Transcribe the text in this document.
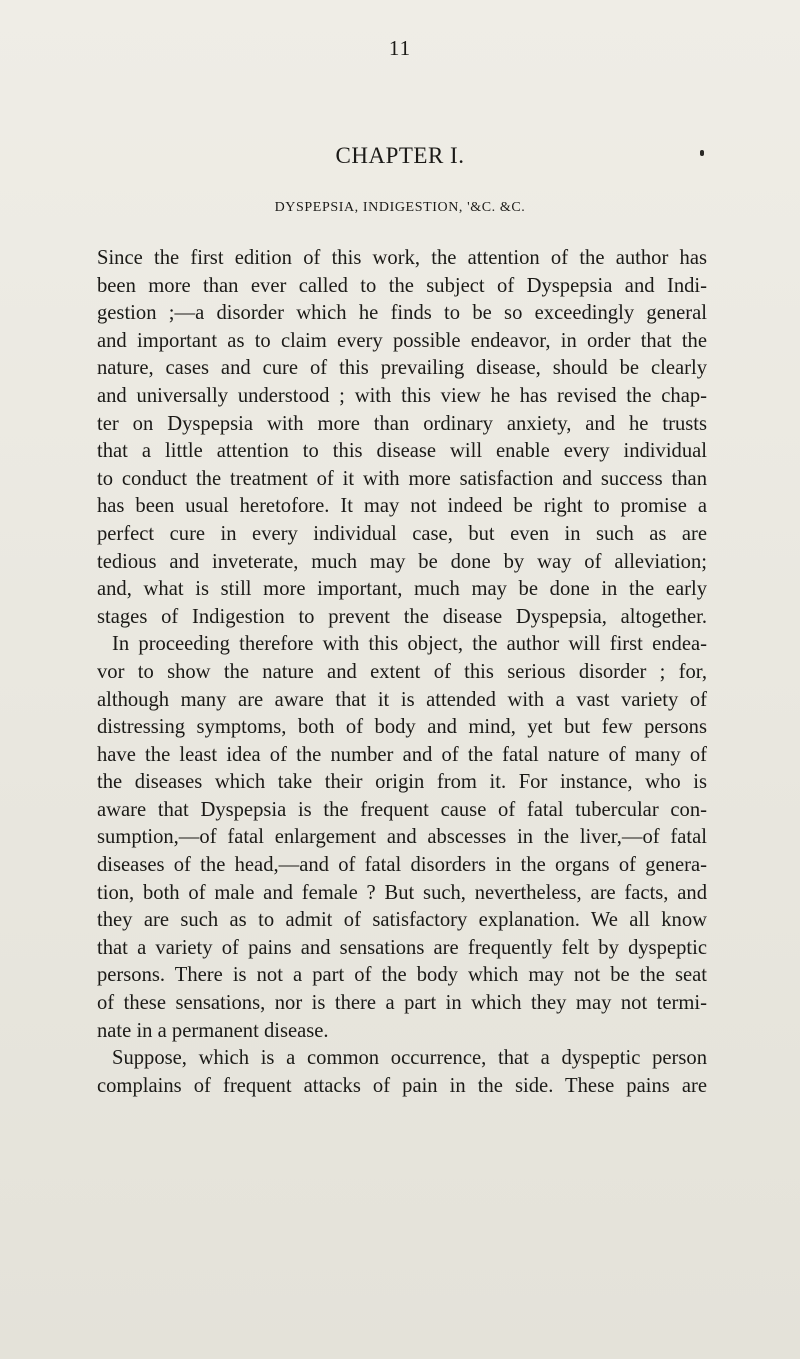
11
CHAPTER I.
DYSPEPSIA, INDIGESTION, '&C. &C.
Since the first edition of this work, the attention of the author has
been more than ever called to the subject of Dyspepsia and Indi-
gestion ;—a disorder which he finds to be so exceedingly general
and important as to claim every possible endeavor, in order that the
nature, cases and cure of this prevailing disease, should be clearly
and universally understood ; with this view he has revised the chap-
ter on Dyspepsia with more than ordinary anxiety, and he trusts
that a little attention to this disease will enable every individual
to conduct the treatment of it with more satisfaction and success than
has been usual heretofore. It may not indeed be right to promise a
perfect cure in every individual case, but even in such as are
tedious and inveterate, much may be done by way of alleviation;
and, what is still more important, much may be done in the early
stages of Indigestion to prevent the disease Dyspepsia, altogether.
In proceeding therefore with this object, the author will first endea-
vor to show the nature and extent of this serious disorder ; for,
although many are aware that it is attended with a vast variety of
distressing symptoms, both of body and mind, yet but few persons
have the least idea of the number and of the fatal nature of many of
the diseases which take their origin from it. For instance, who is
aware that Dyspepsia is the frequent cause of fatal tubercular con-
sumption,—of fatal enlargement and abscesses in the liver,—of fatal
diseases of the head,—and of fatal disorders in the organs of genera-
tion, both of male and female ? But such, nevertheless, are facts, and
they are such as to admit of satisfactory explanation. We all know
that a variety of pains and sensations are frequently felt by dyspeptic
persons. There is not a part of the body which may not be the seat
of these sensations, nor is there a part in which they may not termi-
nate in a permanent disease.
Suppose, which is a common occurrence, that a dyspeptic person
complains of frequent attacks of pain in the side. These pains are
